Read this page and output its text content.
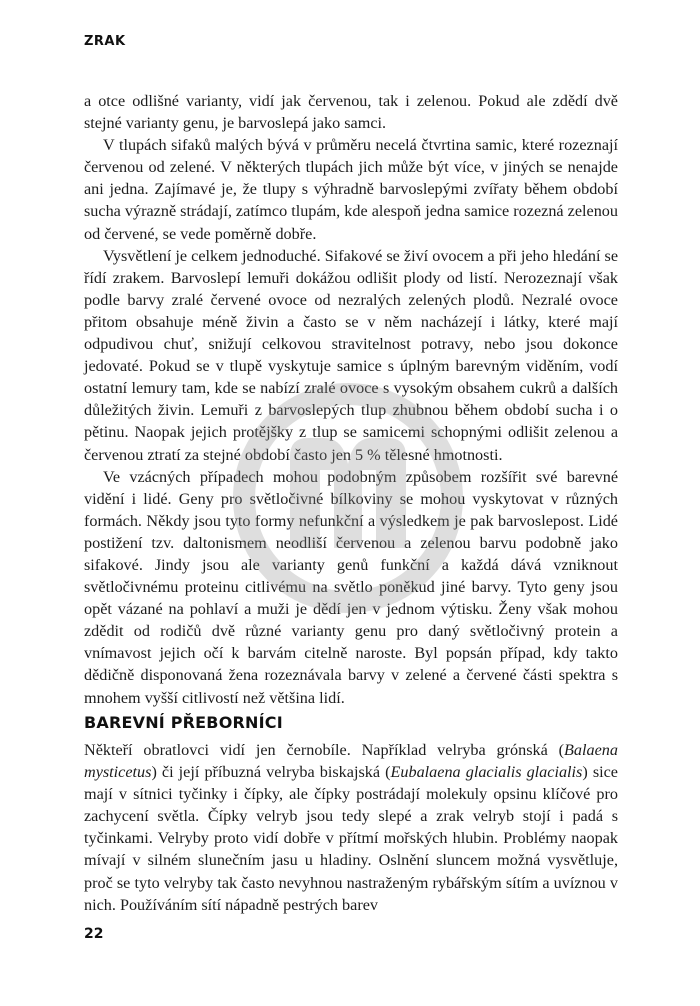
ZRAK

a otce odlišné varianty, vidí jak červenou, tak i zelenou. Pokud ale zdědí dvě stejné varianty genu, je barvoslepá jako samci.

V tlupách sifaků malých bývá v průměru necelá čtvrtina samic, které rozeznají červenou od zelené. V některých tlupách jich může být více, v jiných se nenajde ani jedna. Zajímavé je, že tlupy s výhradně barvoslepými zvířaty během období sucha výrazně strádají, zatímco tlupám, kde alespoň jedna samice rozezná zelenou od červené, se vede poměrně dobře.

Vysvětlení je celkem jednoduché. Sifakové se živí ovocem a při jeho hledání se řídí zrakem. Barvoslepí lemuři dokážou odlišit plody od listí. Nerozeznají však podle barvy zralé červené ovoce od nezralých zelených plodů. Nezralé ovoce přitom obsahuje méně živin a často se v něm nacházejí i látky, které mají odpudivou chuť, snižují celkovou stravitelnost potravy, nebo jsou dokonce jedovaté. Pokud se v tlupě vyskytuje samice s úplným barevným viděním, vodí ostatní lemury tam, kde se nabízí zralé ovoce s vysokým obsahem cukrů a dalších důležitých živin. Lemuři z barvoslepých tlup zhubnou během období sucha i o pětinu. Naopak jejich protějšky z tlup se samicemi schopnými odlišit zelenou a červenou ztratí za stejné období často jen 5 % tělesné hmotnosti.

Ve vzácných případech mohou podobným způsobem rozšířit své barevné vidění i lidé. Geny pro světločivné bílkoviny se mohou vyskytovat v různých formách. Někdy jsou tyto formy nefunkční a výsledkem je pak barvoslepost. Lidé postižení tzv. daltonismem neodliší červenou a zelenou barvu podobně jako sifakové. Jindy jsou ale varianty genů funkční a každá dává vzniknout světločivnému proteinu citlivému na světlo poněkud jiné barvy. Tyto geny jsou opět vázané na pohlaví a muži je dědí jen v jednom výtisku. Ženy však mohou zdědit od rodičů dvě různé varianty genu pro daný světločivný protein a vnímavost jejich očí k barvám citelně naroste. Byl popsán případ, kdy takto dědičně disponovaná žena rozeznávala barvy v zelené a červené části spektra s mnohem vyšší citlivostí než většina lidí.

BAREVNÍ PŘEBORNÍCI

Někteří obratlovci vidí jen černobíle. Například velryba grónská (Balaena mysticetus) či její příbuzná velryba biskajská (Eubalaena glacialis glacialis) sice mají v sítnici tyčinky i čípky, ale čípky postrádají molekuly opsinu klíčové pro zachycení světla. Čípky velryb jsou tedy slepé a zrak velryb stojí i padá s tyčinkami. Velryby proto vidí dobře v přítmí mořských hlubin. Problémy naopak mívají v silném slunečním jasu u hladiny. Oslnění sluncem možná vysvětluje, proč se tyto velryby tak často nevyhnou nastraženým rybářským sítím a uvíznou v nich. Používáním sítí nápadně pestrých barev

22
